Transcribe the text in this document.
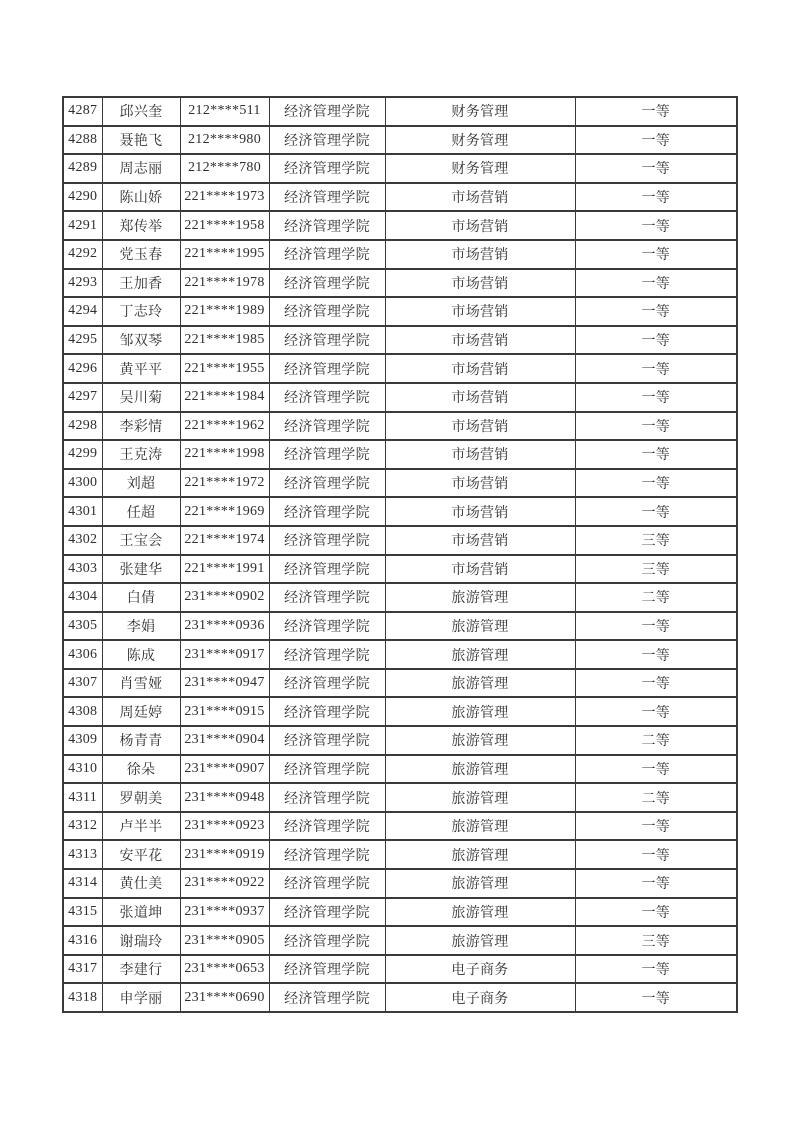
4287	邱兴奎	212****511	经济管理学院	财务管理	一等
4288	聂艳飞	212****980	经济管理学院	财务管理	一等
4289	周志丽	212****780	经济管理学院	财务管理	一等
4290	陈山娇	221****1973	经济管理学院	市场营销	一等
4291	郑传举	221****1958	经济管理学院	市场营销	一等
4292	党玉春	221****1995	经济管理学院	市场营销	一等
4293	王加香	221****1978	经济管理学院	市场营销	一等
4294	丁志玲	221****1989	经济管理学院	市场营销	一等
4295	邹双琴	221****1985	经济管理学院	市场营销	一等
4296	黄平平	221****1955	经济管理学院	市场营销	一等
4297	吴川菊	221****1984	经济管理学院	市场营销	一等
4298	李彩情	221****1962	经济管理学院	市场营销	一等
4299	王克涛	221****1998	经济管理学院	市场营销	一等
4300	刘超	221****1972	经济管理学院	市场营销	一等
4301	任超	221****1969	经济管理学院	市场营销	一等
4302	王宝会	221****1974	经济管理学院	市场营销	三等
4303	张建华	221****1991	经济管理学院	市场营销	三等
4304	白倩	231****0902	经济管理学院	旅游管理	二等
4305	李娟	231****0936	经济管理学院	旅游管理	一等
4306	陈成	231****0917	经济管理学院	旅游管理	一等
4307	肖雪娅	231****0947	经济管理学院	旅游管理	一等
4308	周廷婷	231****0915	经济管理学院	旅游管理	一等
4309	杨青青	231****0904	经济管理学院	旅游管理	二等
4310	徐朵	231****0907	经济管理学院	旅游管理	一等
4311	罗朝美	231****0948	经济管理学院	旅游管理	二等
4312	卢半半	231****0923	经济管理学院	旅游管理	一等
4313	安平花	231****0919	经济管理学院	旅游管理	一等
4314	黄仕美	231****0922	经济管理学院	旅游管理	一等
4315	张道坤	231****0937	经济管理学院	旅游管理	一等
4316	谢瑞玲	231****0905	经济管理学院	旅游管理	三等
4317	李建行	231****0653	经济管理学院	电子商务	一等
4318	申学丽	231****0690	经济管理学院	电子商务	一等
